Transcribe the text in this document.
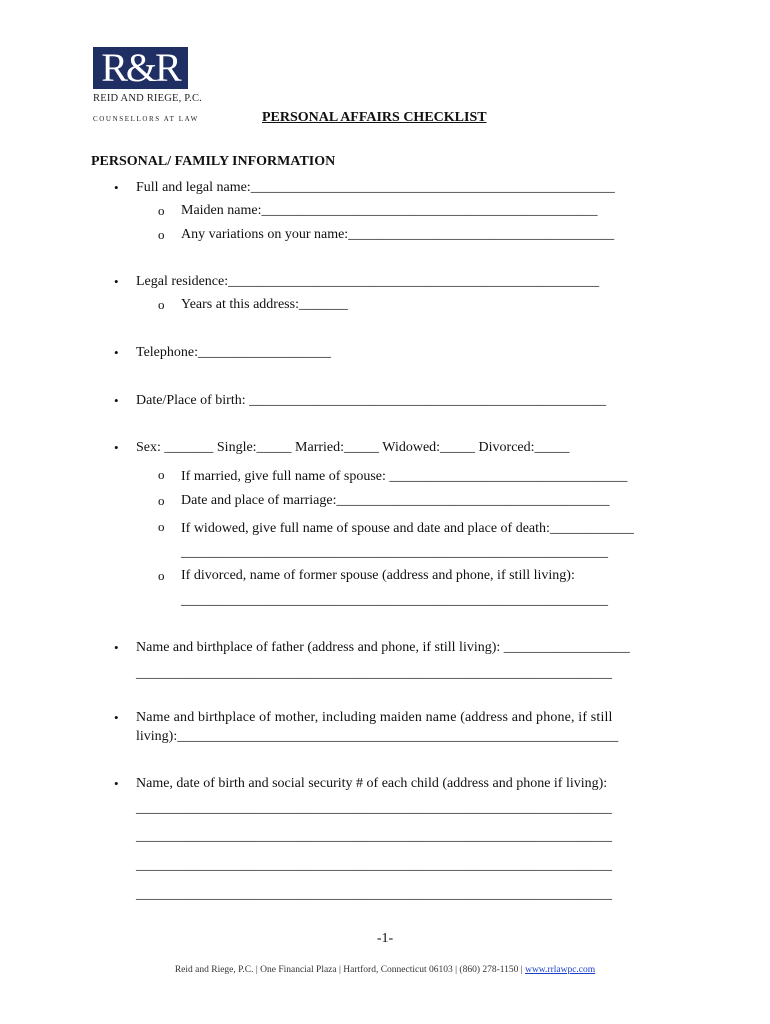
R&R
REID AND RIEGE, P.C.
COUNSELLORS AT LAW	PERSONAL AFFAIRS CHECKLIST
PERSONAL/ FAMILY INFORMATION
• Full and legal name:____________________________________________________
o Maiden name:________________________________________________
o Any variations on your name:______________________________________
• Legal residence:_____________________________________________________
o Years at this address:_______
• Telephone:___________________
• Date/Place of birth: ___________________________________________________
• Sex: _______ Single:_____ Married:_____ Widowed:_____ Divorced:_____
o If married, give full name of spouse: __________________________________
o Date and place of marriage:_______________________________________
o If widowed, give full name of spouse and date and place of death:____________
_____________________________________________________________
o If divorced, name of former spouse (address and phone, if still living):
_____________________________________________________________
• Name and birthplace of father (address and phone, if still living): __________________
____________________________________________________________________
• Name and birthplace of mother, including maiden name (address and phone, if still
living):_______________________________________________________________
• Name, date of birth and social security # of each child (address and phone if living):
____________________________________________________________________
____________________________________________________________________
____________________________________________________________________
____________________________________________________________________
-1-
Reid and Riege, P.C. | One Financial Plaza | Hartford, Connecticut 06103 | (860) 278-1150 | www.rrlawpc.com
